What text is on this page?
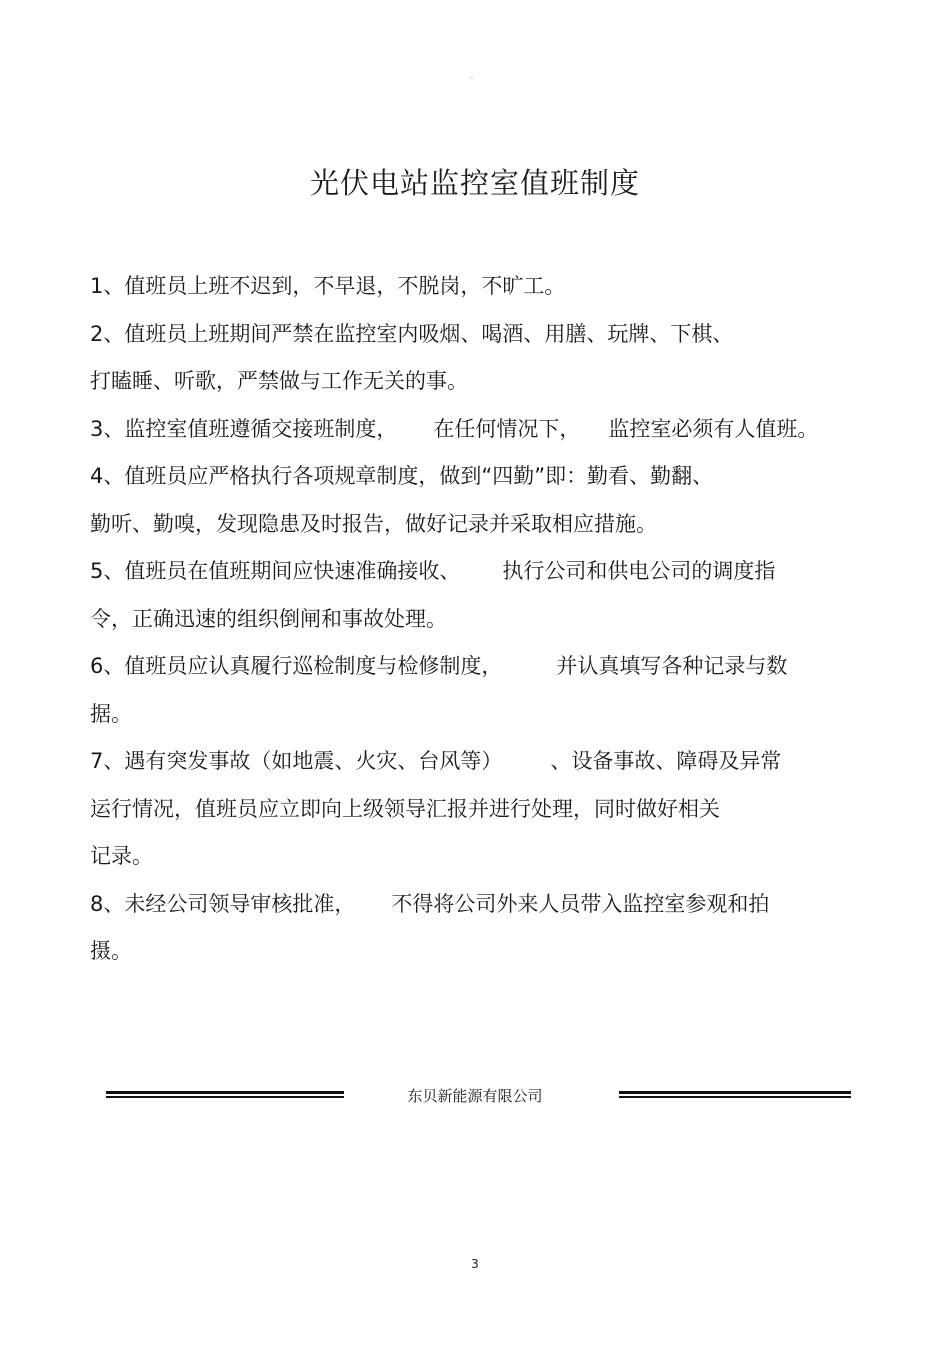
。
光伏电站监控室值班制度
1、值班员上班不迟到，不早退，不脱岗，不旷工。
2、值班员上班期间严禁在监控室内吸烟、喝酒、用膳、玩牌、下棋、
打瞌睡、听歌，严禁做与工作无关的事。
3、监控室值班遵循交接班制度， 在任何情况下， 监控室必须有人值班。
4、值班员应严格执行各项规章制度，做到“四勤”即：勤看、勤翻、
勤听、勤嗅，发现隐患及时报告，做好记录并采取相应措施。
5、值班员在值班期间应快速准确接收、 执行公司和供电公司的调度指
令，正确迅速的组织倒闸和事故处理。
6、值班员应认真履行巡检制度与检修制度，	并认真填写各种记录与数
据。
7、遇有突发事故（如地震、火灾、台风等） 、设备事故、障碍及异常
运行情况，值班员应立即向上级领导汇报并进行处理，同时做好相关
记录。
8、未经公司领导审核批准， 不得将公司外来人员带入监控室参观和拍
摄。
东贝新能源有限公司
3
